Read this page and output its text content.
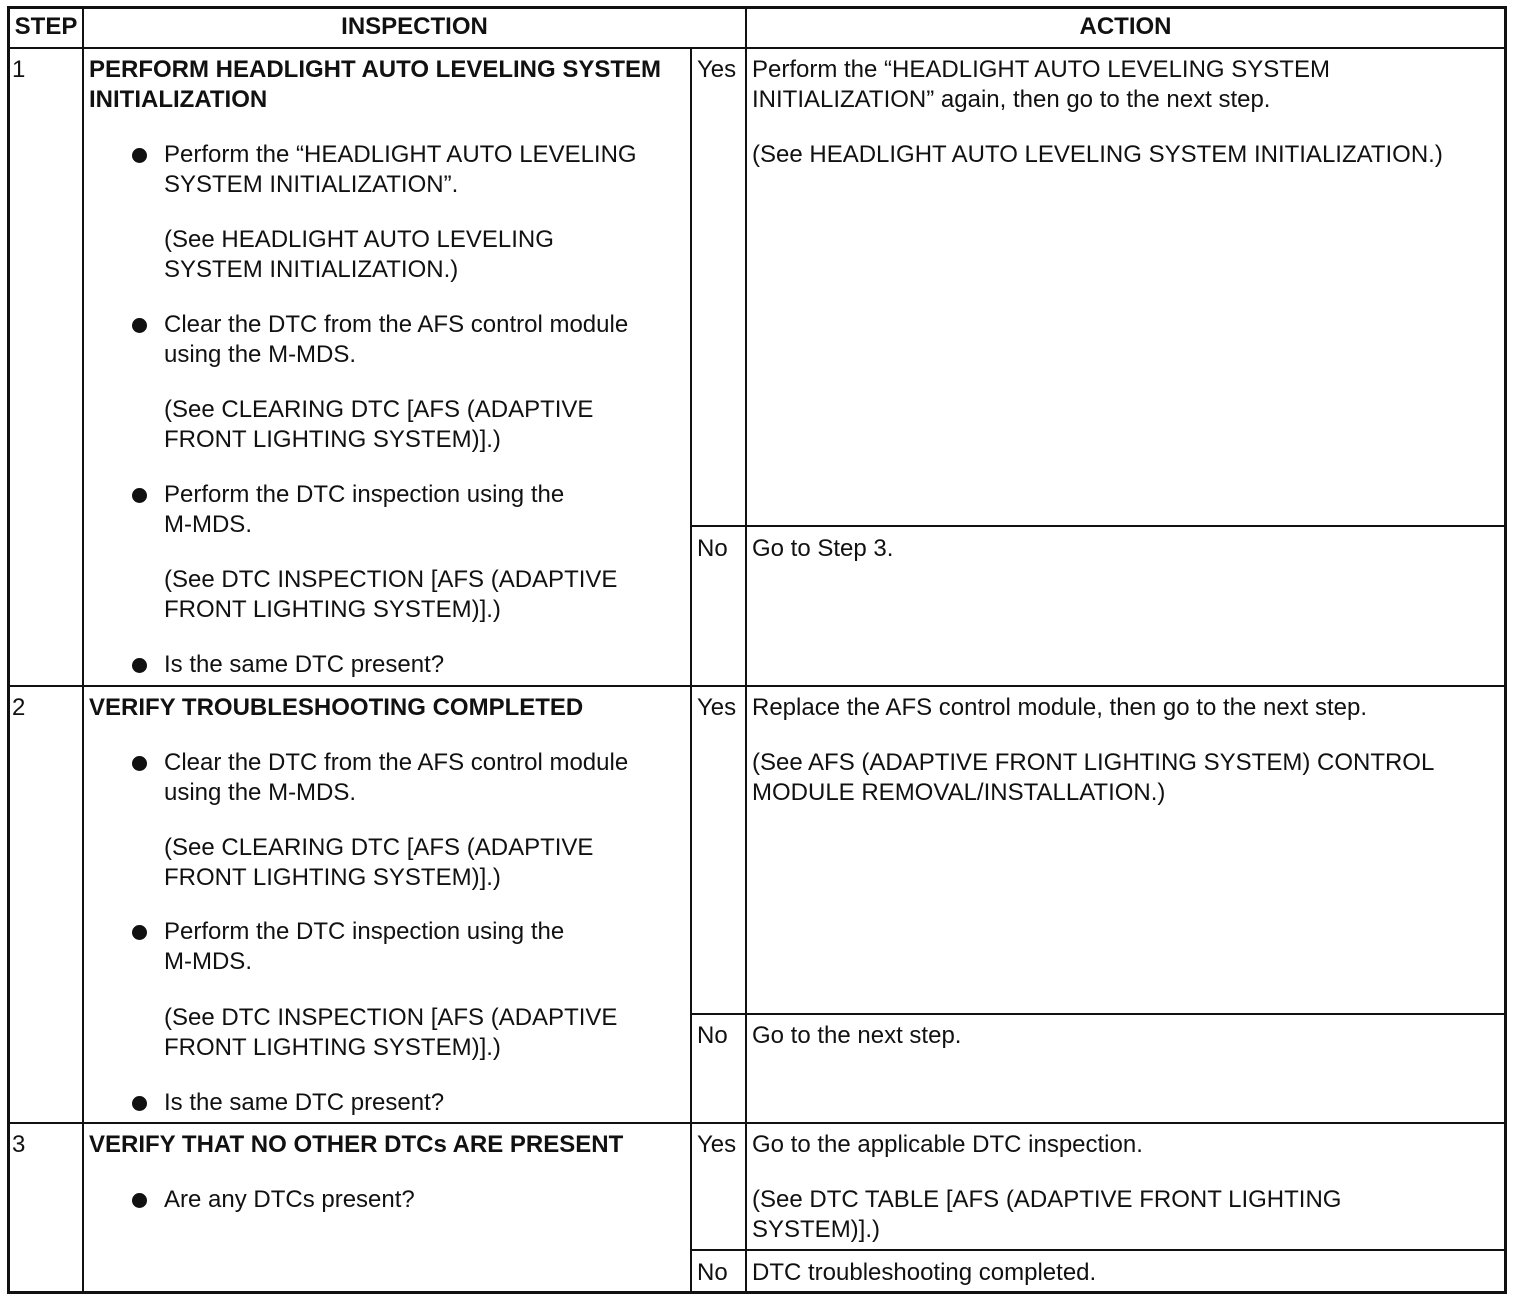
STEP	INSPECTION	ACTION
1	PERFORM HEADLIGHT AUTO LEVELING SYSTEM
INITIALIZATION
Perform the “HEADLIGHT AUTO LEVELING
SYSTEM INITIALIZATION”.
(See HEADLIGHT AUTO LEVELING
SYSTEM INITIALIZATION.)
Clear the DTC from the AFS control module
using the M-MDS.
(See CLEARING DTC [AFS (ADAPTIVE
FRONT LIGHTING SYSTEM)].)
Perform the DTC inspection using the
M-MDS.
(See DTC INSPECTION [AFS (ADAPTIVE
FRONT LIGHTING SYSTEM)].)
Is the same DTC present?
Yes Perform the “HEADLIGHT AUTO LEVELING SYSTEM
INITIALIZATION” again, then go to the next step.
(See HEADLIGHT AUTO LEVELING SYSTEM INITIALIZATION.)
No Go to Step 3.
2	VERIFY TROUBLESHOOTING COMPLETED
Clear the DTC from the AFS control module
using the M-MDS.
(See CLEARING DTC [AFS (ADAPTIVE
FRONT LIGHTING SYSTEM)].)
Perform the DTC inspection using the
M-MDS.
(See DTC INSPECTION [AFS (ADAPTIVE
FRONT LIGHTING SYSTEM)].)
Is the same DTC present?
Yes Replace the AFS control module, then go to the next step.
(See AFS (ADAPTIVE FRONT LIGHTING SYSTEM) CONTROL
MODULE REMOVAL/INSTALLATION.)
No Go to the next step.
3	VERIFY THAT NO OTHER DTCs ARE PRESENT
Are any DTCs present?
Yes Go to the applicable DTC inspection.
(See DTC TABLE [AFS (ADAPTIVE FRONT LIGHTING
SYSTEM)].)
No DTC troubleshooting completed.
